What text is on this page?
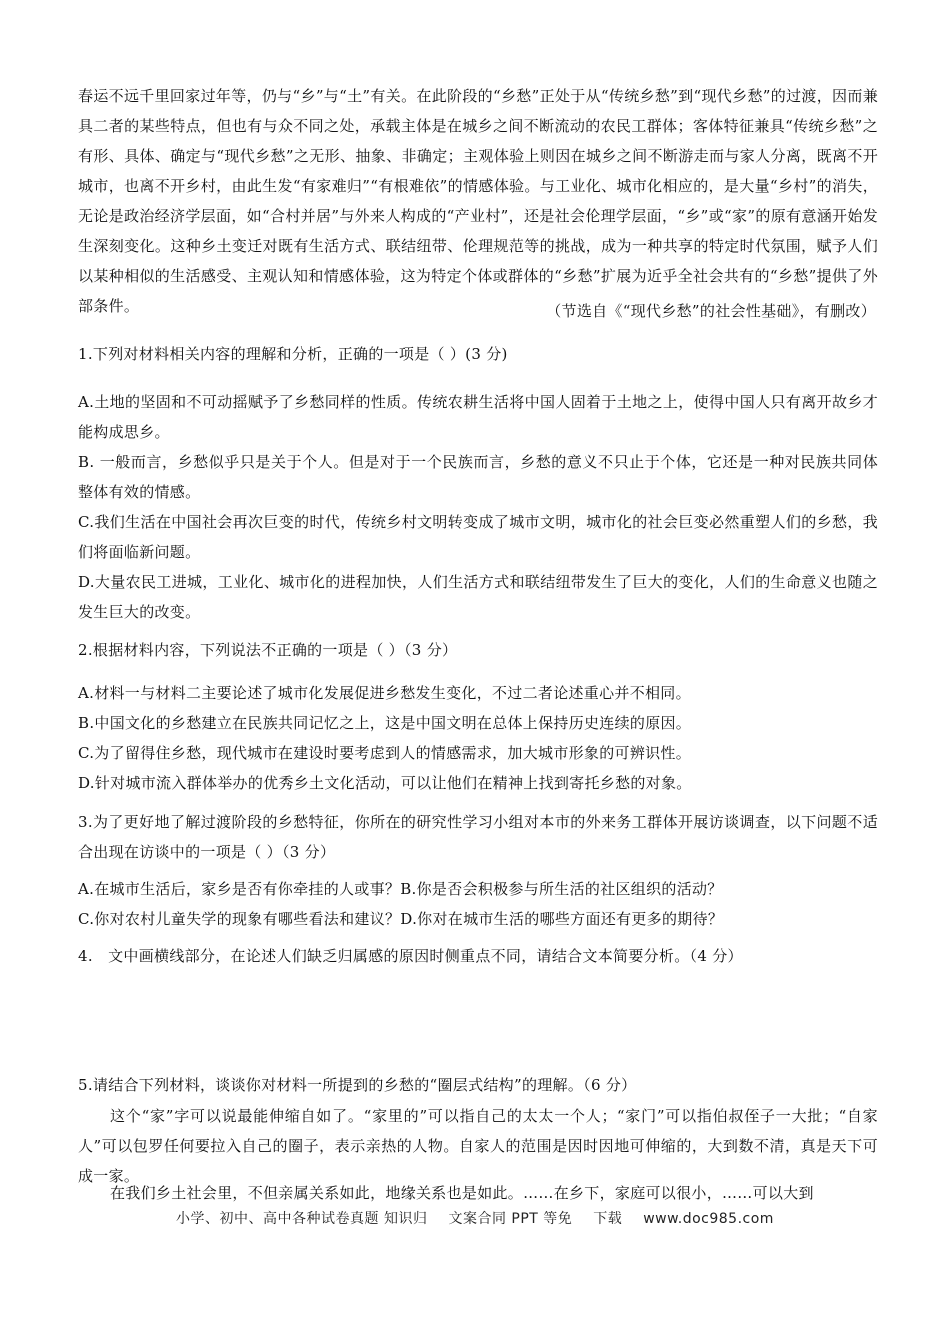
春运不远千里回家过年等，仍与“乡”与“土”有关。在此阶段的“乡愁”正处于从“传统乡愁”到“现代乡愁”的过渡，因而兼具二者的某些特点，但也有与众不同之处，承载主体是在城乡之间不断流动的农民工群体；客体特征兼具“传统乡愁”之有形、具体、确定与“现代乡愁”之无形、抽象、非确定；主观体验上则因在城乡之间不断游走而与家人分离，既离不开城市，也离不开乡村，由此生发“有家难归”“有根难依”的情感体验。与工业化、城市化相应的，是大量“乡村”的消失，无论是政治经济学层面，如“合村并居”与外来人构成的“产业村”，还是社会伦理学层面，“乡”或“家”的原有意涵开始发生深刻变化。这种乡土变迁对既有生活方式、联结纽带、伦理规范等的挑战，成为一种共享的特定时代氛围，赋予人们以某种相似的生活感受、主观认知和情感体验，这为特定个体或群体的“乡愁”扩展为近乎全社会共有的“乡愁”提供了外部条件。	（节选自《“现代乡愁”的社会性基础》，有删改）

1.下列对材料相关内容的理解和分析，正确的一项是（ ）(3 分)

A.土地的坚固和不可动摇赋予了乡愁同样的性质。传统农耕生活将中国人固着于土地之上，使得中国人只有离开故乡才能构成思乡。

B. 一般而言，乡愁似乎只是关于个人。但是对于一个民族而言，乡愁的意义不只止于个体，它还是一种对民族共同体整体有效的情感。

C.我们生活在中国社会再次巨变的时代，传统乡村文明转变成了城市文明，城市化的社会巨变必然重塑人们的乡愁，我们将面临新问题。

D.大量农民工进城，工业化、城市化的进程加快，人们生活方式和联结纽带发生了巨大的变化，人们的生命意义也随之发生巨大的改变。

2.根据材料内容，下列说法不正确的一项是（ ）（3 分）

A.材料一与材料二主要论述了城市化发展促进乡愁发生变化，不过二者论述重心并不相同。

B.中国文化的乡愁建立在民族共同记忆之上，这是中国文明在总体上保持历史连续的原因。

C.为了留得住乡愁，现代城市在建设时要考虑到人的情感需求，加大城市形象的可辨识性。

D.针对城市流入群体举办的优秀乡土文化活动，可以让他们在精神上找到寄托乡愁的对象。

3.为了更好地了解过渡阶段的乡愁特征，你所在的研究性学习小组对本市的外来务工群体开展访谈调查，以下问题不适合出现在访谈中的一项是（ ）（3 分）

A.在城市生活后，家乡是否有你牵挂的人或事？B.你是否会积极参与所生活的社区组织的活动？

C.你对农村儿童失学的现象有哪些看法和建议？D.你对在城市生活的哪些方面还有更多的期待？

4.   文中画横线部分，在论述人们缺乏归属感的原因时侧重点不同，请结合文本简要分析。（4 分）

5.请结合下列材料，谈谈你对材料一所提到的乡愁的“圈层式结构”的理解。（6 分）

这个“家”字可以说最能伸缩自如了。“家里的”可以指自己的太太一个人；“家门”可以指伯叔侄子一大批；“自家人”可以包罗任何要拉入自己的圈子，表示亲热的人物。自家人的范围是因时因地可伸缩的，大到数不清，真是天下可成一家。

在我们乡土社会里，不但亲属关系如此，地缘关系也是如此。……在乡下，家庭可以很小，……可以大到

小学、初中、高中各种试卷真题 知识归 文案合同 PPT 等免 下载 www.doc985.com
